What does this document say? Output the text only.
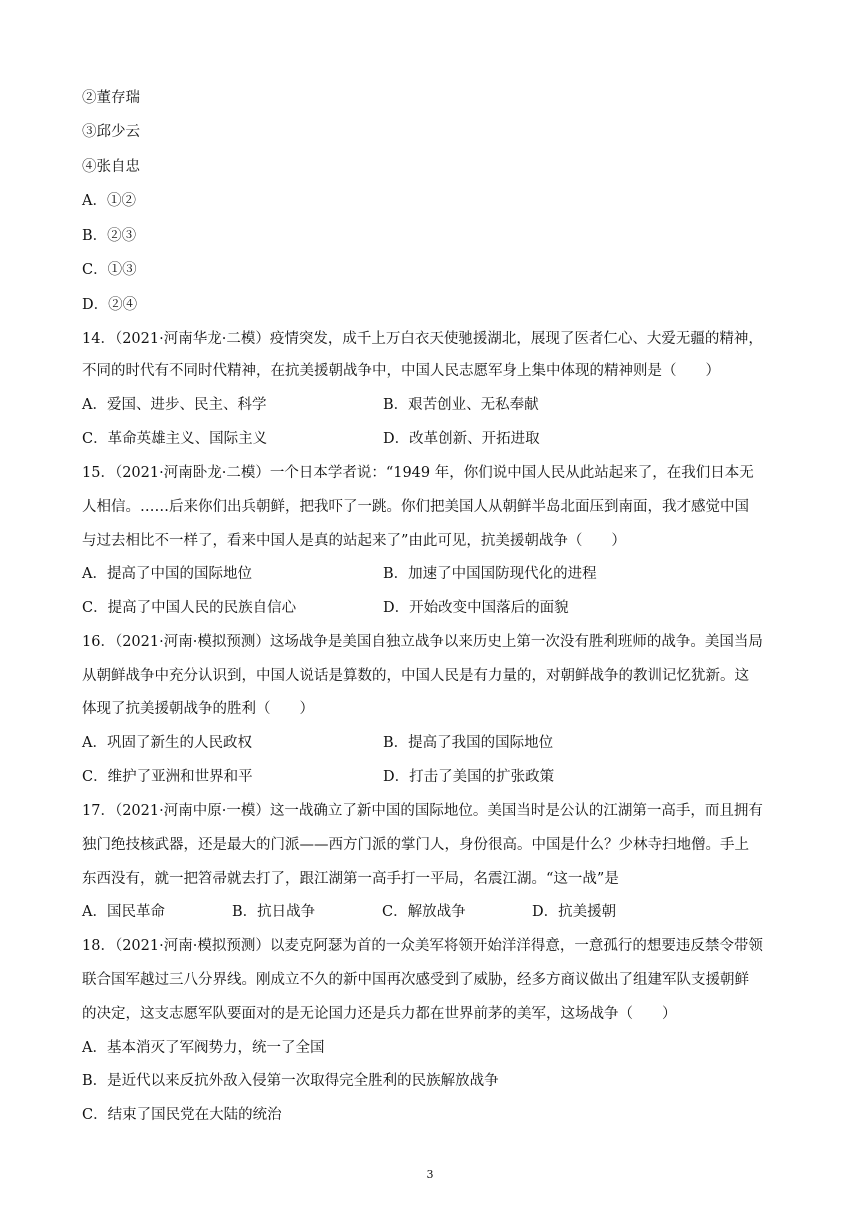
②董存瑞
③邱少云
④张自忠
A．①②
B．②③
C．①③
D．②④
14．（2021·河南华龙·二模）疫情突发，成千上万白衣天使驰援湖北，展现了医者仁心、大爱无疆的精神，
不同的时代有不同时代精神，在抗美援朝战争中，中国人民志愿军身上集中体现的精神则是（　　）
A．爱国、进步、民主、科学	B．艰苦创业、无私奉献
C．革命英雄主义、国际主义	D．改革创新、开拓进取
15．（2021·河南卧龙·二模）一个日本学者说：“1949 年，你们说中国人民从此站起来了，在我们日本无
人相信。……后来你们出兵朝鲜，把我吓了一跳。你们把美国人从朝鲜半岛北面压到南面，我才感觉中国
与过去相比不一样了，看来中国人是真的站起来了”由此可见，抗美援朝战争（　　）
A．提高了中国的国际地位	B．加速了中国国防现代化的进程
C．提高了中国人民的民族自信心	D．开始改变中国落后的面貌
16．（2021·河南·模拟预测）这场战争是美国自独立战争以来历史上第一次没有胜利班师的战争。美国当局
从朝鲜战争中充分认识到，中国人说话是算数的，中国人民是有力量的，对朝鲜战争的教训记忆犹新。这
体现了抗美援朝战争的胜利（　　）
A．巩固了新生的人民政权	B．提高了我国的国际地位
C．维护了亚洲和世界和平	D．打击了美国的扩张政策
17．（2021·河南中原·一模）这一战确立了新中国的国际地位。美国当时是公认的江湖第一高手，而且拥有
独门绝技核武器，还是最大的门派——西方门派的掌门人，身份很高。中国是什么？少林寺扫地僧。手上
东西没有，就一把笤帚就去打了，跟江湖第一高手打一平局，名震江湖。“这一战”是
A．国民革命	B．抗日战争	C．解放战争	D．抗美援朝
18．（2021·河南·模拟预测）以麦克阿瑟为首的一众美军将领开始洋洋得意，一意孤行的想要违反禁令带领
联合国军越过三八分界线。刚成立不久的新中国再次感受到了威胁，经多方商议做出了组建军队支援朝鲜
的决定，这支志愿军队要面对的是无论国力还是兵力都在世界前茅的美军，这场战争（　　）
A．基本消灭了军阀势力，统一了全国
B．是近代以来反抗外敌入侵第一次取得完全胜利的民族解放战争
C．结束了国民党在大陆的统治
3
